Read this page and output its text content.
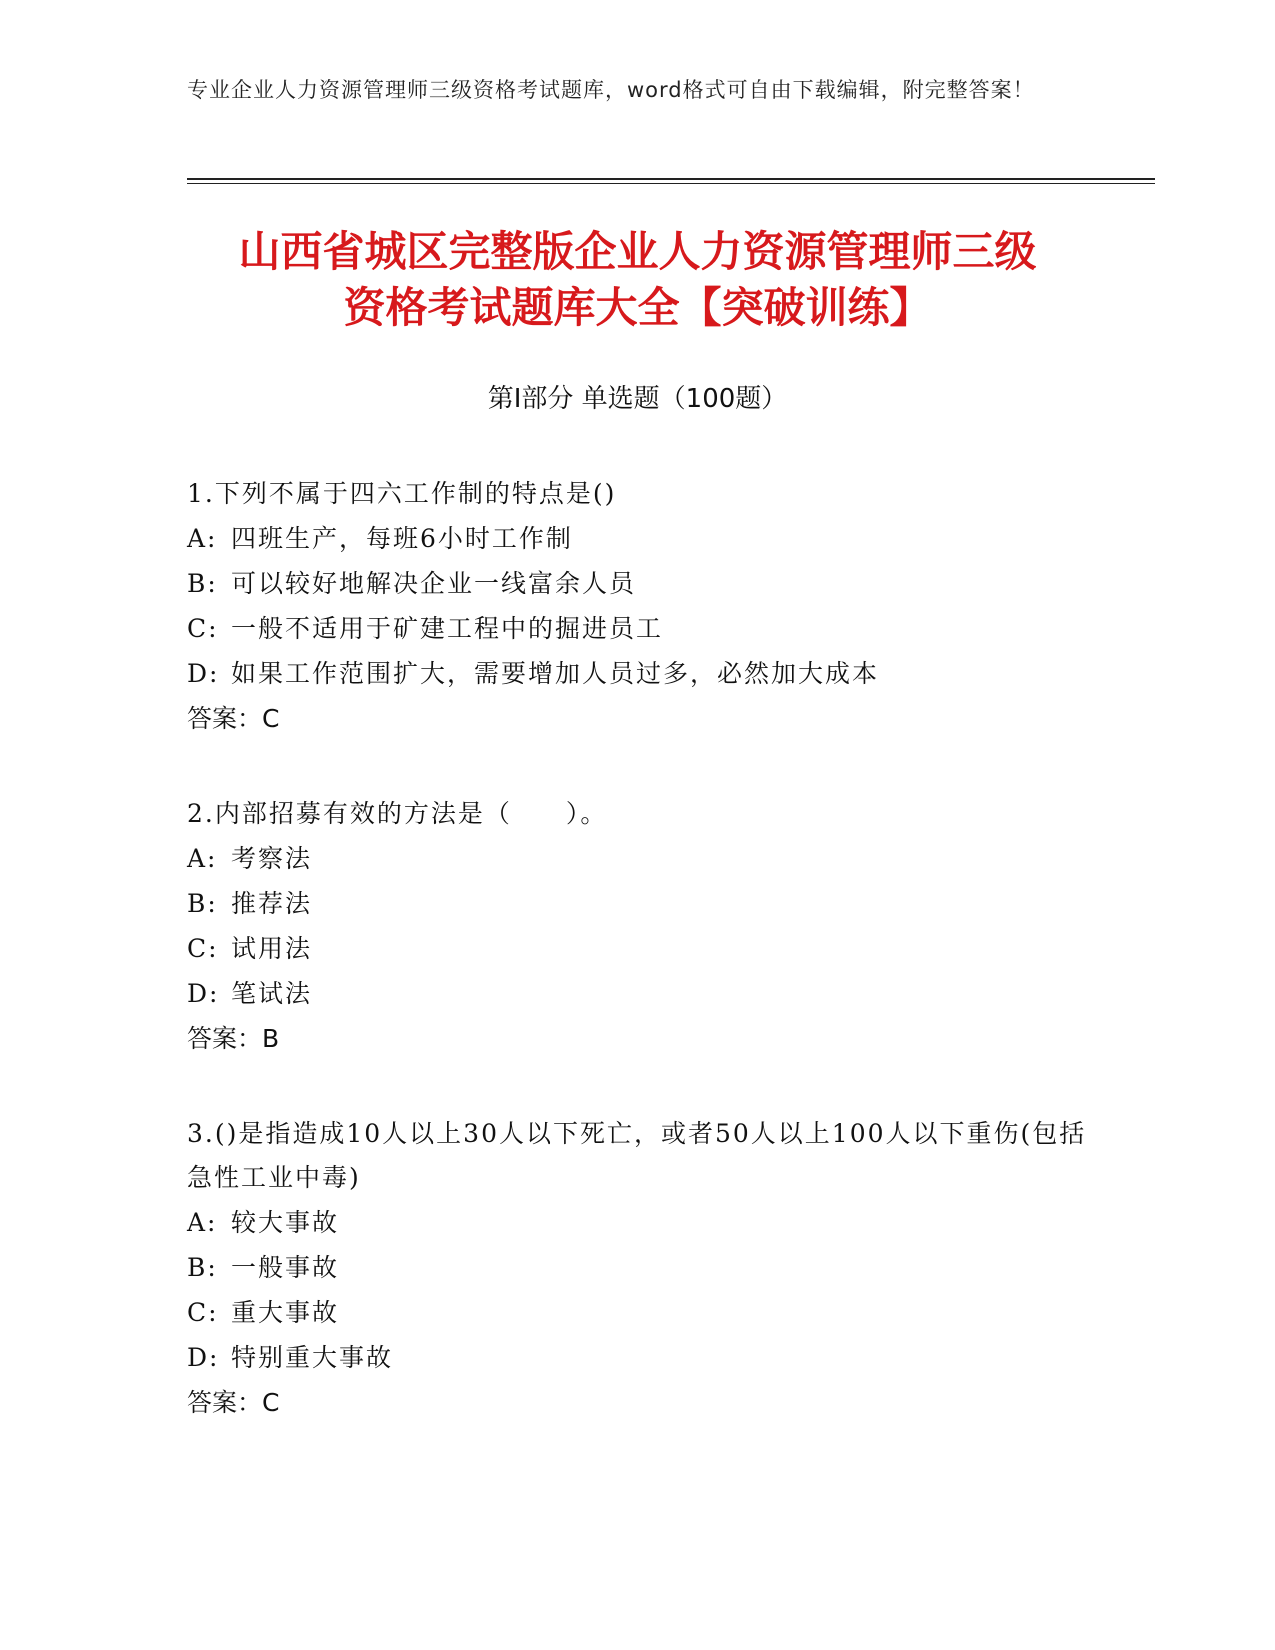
专业企业人力资源管理师三级资格考试题库，word格式可自由下载编辑，附完整答案！
山西省城区完整版企业人力资源管理师三级
资格考试题库大全【突破训练】
第Ⅰ部分 单选题（100题）

1.下列不属于四六工作制的特点是()

A: 四班生产，每班6小时工作制

B: 可以较好地解决企业一线富余人员

C: 一般不适用于矿建工程中的掘进员工

D: 如果工作范围扩大，需要增加人员过多，必然加大成本

答案：C

2.内部招募有效的方法是（　　）。

A: 考察法

B: 推荐法

C: 试用法

D: 笔试法

答案：B

3.()是指造成10人以上30人以下死亡，或者50人以上100人以下重伤(包括急性工业中毒)

A: 较大事故

B: 一般事故

C: 重大事故

D: 特别重大事故

答案：C
